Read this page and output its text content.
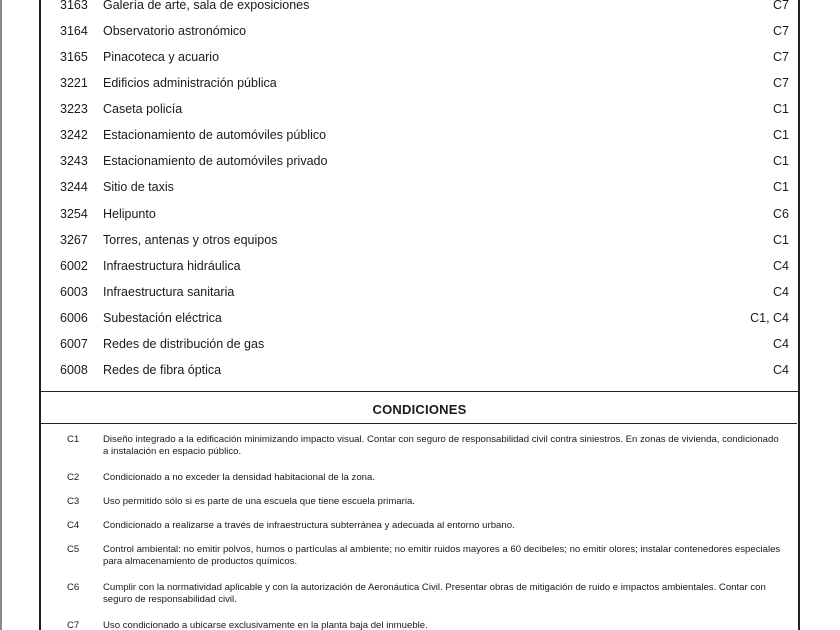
3163 Galería de arte, sala de exposiciones	C7
3164 Observatorio astronómico	C7
3165 Pinacoteca y acuario	C7
3221 Edificios administración pública	C7
3223 Caseta policía	C1
3242 Estacionamiento de automóviles público	C1
3243 Estacionamiento de automóviles privado	C1
3244 Sitio de taxis	C1
3254 Helipunto	C6
3267 Torres, antenas y otros equipos	C1
6002 Infraestructura hidráulica	C4
6003 Infraestructura sanitaria	C4
6006 Subestación eléctrica	C1, C4
6007 Redes de distribución de gas	C4
6008 Redes de fibra óptica	C4
CONDICIONES
C1 Diseño integrado a la edificación minimizando impacto visual. Contar con seguro de responsabilidad civil contra siniestros. En zonas de vivienda, condicionado a instalación en espacio público.
C2 Condicionado a no exceder la densidad habitacional de la zona.
C3 Uso permitido sólo si es parte de una escuela que tiene escuela primaria.
C4 Condicionado a realizarse a través de infraestructura subterránea y adecuada al entorno urbano.
C5 Control ambiental: no emitir polvos, humos o partículas al ambiente; no emitir ruidos mayores a 60 decibeles; no emitir olores; instalar contenedores especiales para almacenamiento de productos químicos.
C6 Cumplir con la normatividad aplicable y con la autorización de Aeronáutica Civil. Presentar obras de mitigación de ruido e impactos ambientales. Contar con seguro de responsabilidad civil.
C7 Uso condicionado a ubicarse exclusivamente en la planta baja del inmueble.
